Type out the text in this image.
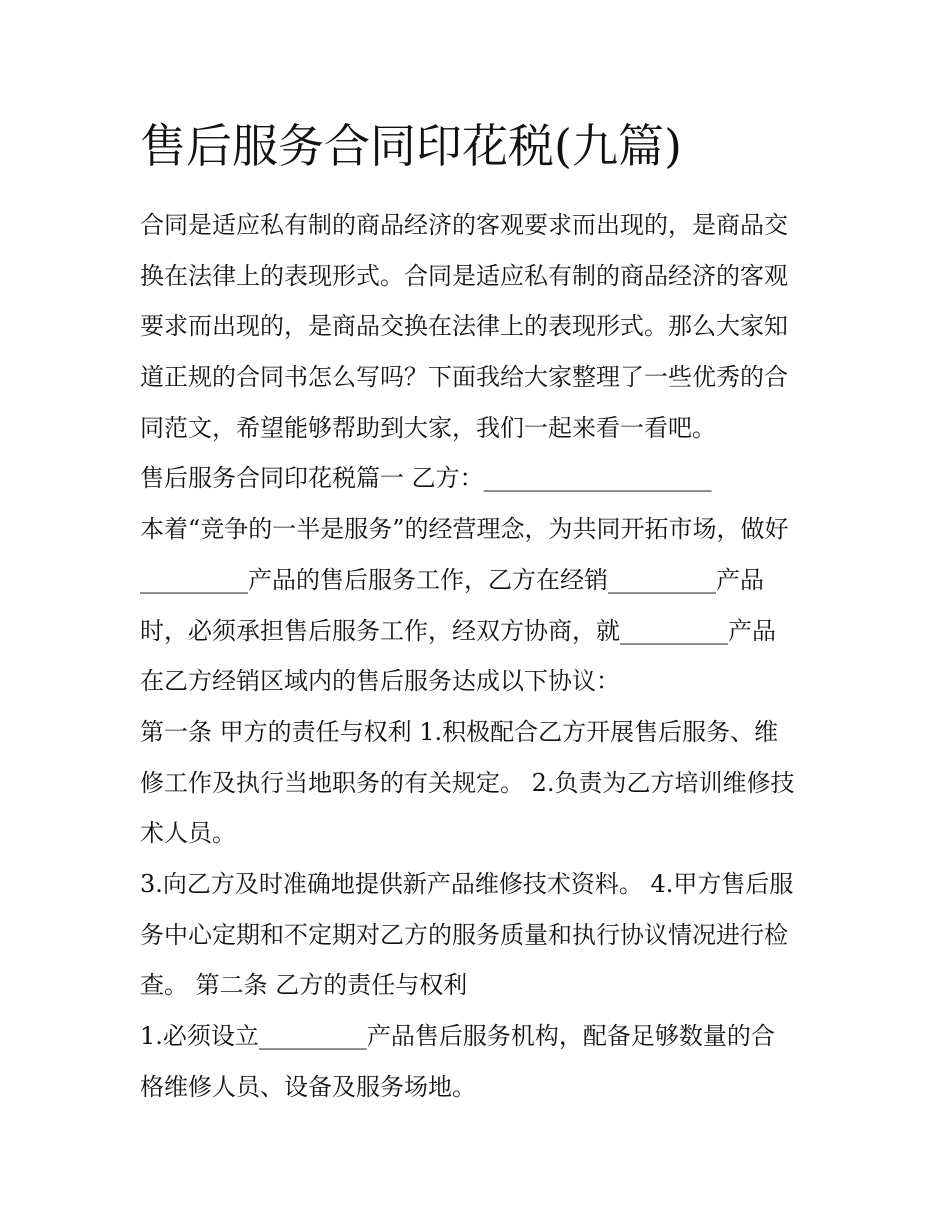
售后服务合同印花税(九篇)
合同是适应私有制的商品经济的客观要求而出现的，是商品交
换在法律上的表现形式。合同是适应私有制的商品经济的客观
要求而出现的，是商品交换在法律上的表现形式。那么大家知
道正规的合同书怎么写吗？下面我给大家整理了一些优秀的合
同范文，希望能够帮助到大家，我们一起来看一看吧。
售后服务合同印花税篇一 乙方：___________________
本着“竞争的一半是服务”的经营理念，为共同开拓市场，做好
_________产品的售后服务工作，乙方在经销_________产品
时，必须承担售后服务工作，经双方协商，就_________产品
在乙方经销区域内的售后服务达成以下协议：
第一条 甲方的责任与权利 1.积极配合乙方开展售后服务、维
修工作及执行当地职务的有关规定。 2.负责为乙方培训维修技
术人员。
3.向乙方及时准确地提供新产品维修技术资料。 4.甲方售后服
务中心定期和不定期对乙方的服务质量和执行协议情况进行检
查。 第二条 乙方的责任与权利
1.必须设立_________产品售后服务机构，配备足够数量的合
格维修人员、设备及服务场地。
